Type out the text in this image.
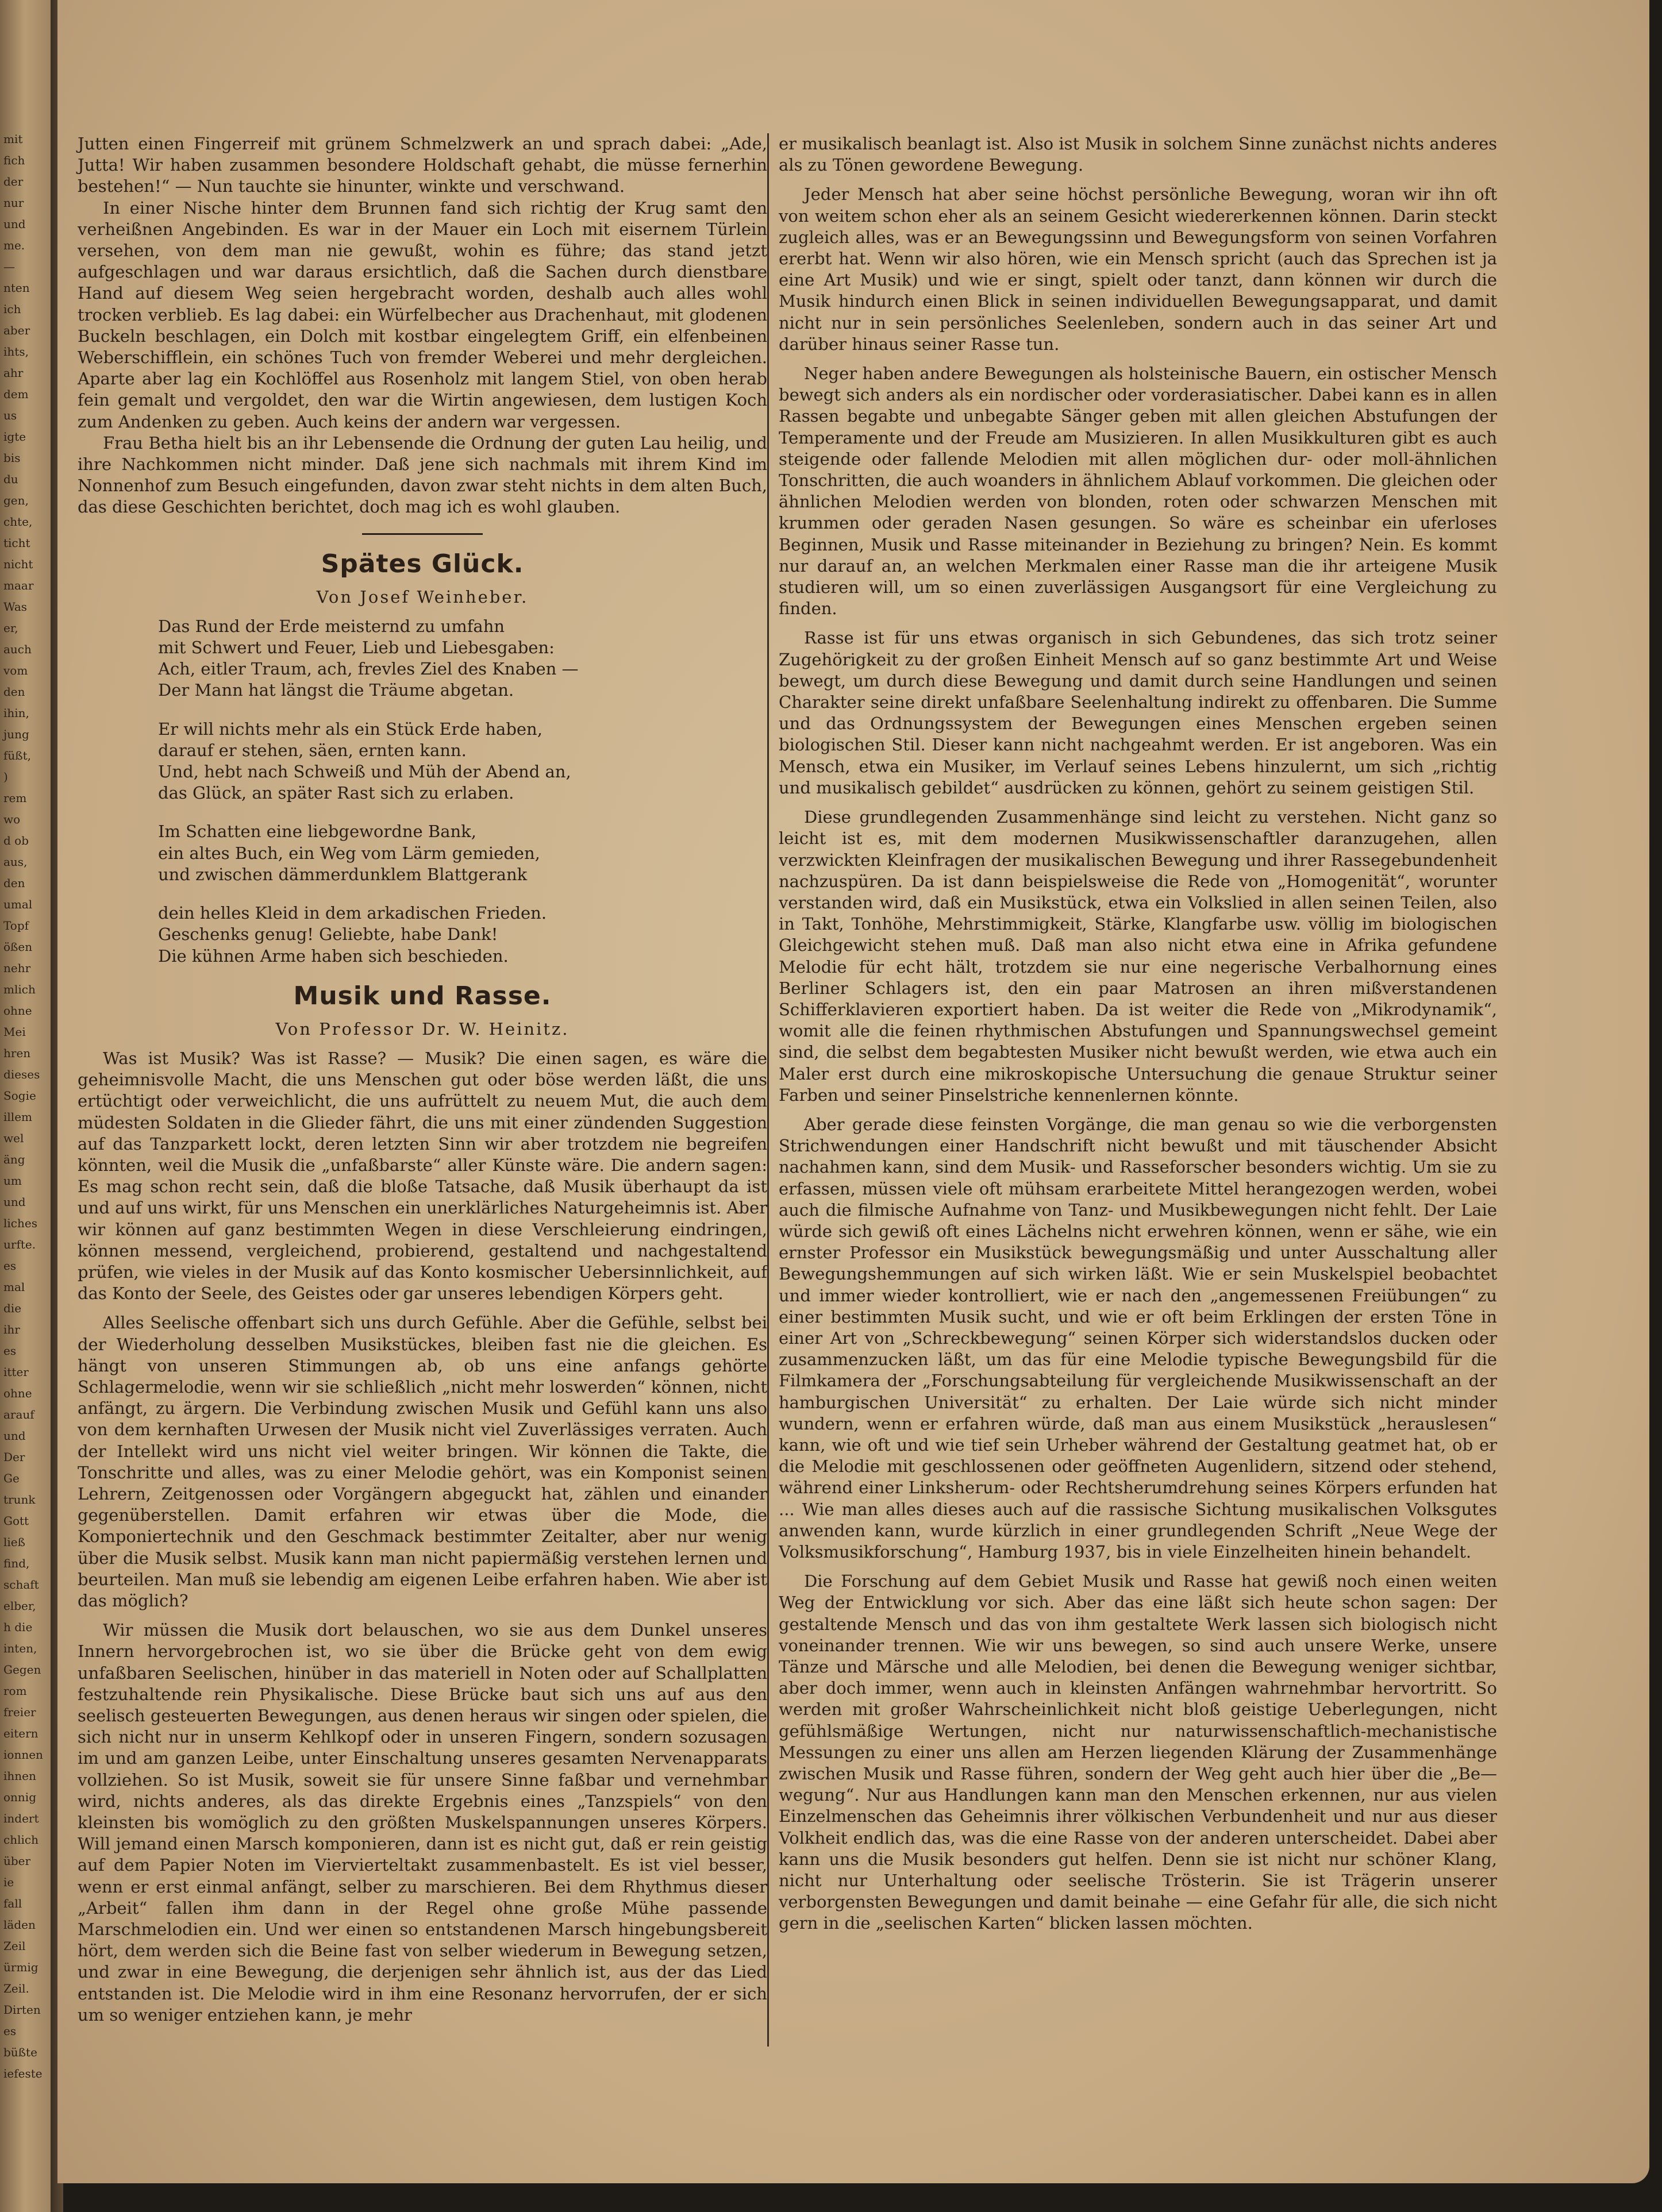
mit
fich
der
nur
und
me.
—
nten
ich
aber
ihts,
ahr
dem
us
igte
bis
du
gen,
chte,
ticht
nicht
maar
Was
er,
auch
vom
den
ihin,
jung
füßt,
)
rem
wo
d ob
aus,
den
umal
Topf
ößen
nehr
mlich
ohne
Mei
hren
dieses
Sogie
illem
wel
äng
um
und
liches
urfte.
es
mal
die
ihr
es
itter
ohne
arauf
und
Der
Ge
trunk
Gott
ließ
find,
schaft
elber,
h die
inten,
Gegen
rom
freier
eitern
ionnen
ihnen
onnig
indert
chlich
über
ie
fall
läden
Zeil
ürmig
Zeil.
Dirten
es
büßte
iefeste

Jutten einen Fingerreif mit grünem Schmelzwerk an und sprach dabei: „Ade, Jutta! Wir haben zusammen besondere Holdschaft gehabt, die müsse fernerhin bestehen!“ — Nun tauchte sie hinunter, winkte und verschwand.

In einer Nische hinter dem Brunnen fand sich richtig der Krug samt den verheißnen Angebinden. Es war in der Mauer ein Loch mit eisernem Türlein versehen, von dem man nie gewußt, wohin es führe; das stand jetzt aufgeschlagen und war daraus ersichtlich, daß die Sachen durch dienstbare Hand auf diesem Weg seien hergebracht worden, deshalb auch alles wohl trocken verblieb. Es lag dabei: ein Würfelbecher aus Drachenhaut, mit glodenen Buckeln beschlagen, ein Dolch mit kostbar eingelegtem Griff, ein elfenbeinen Weberschifflein, ein schönes Tuch von fremder Weberei und mehr dergleichen. Aparte aber lag ein Kochlöffel aus Rosenholz mit langem Stiel, von oben herab fein gemalt und vergoldet, den war die Wirtin angewiesen, dem lustigen Koch zum Andenken zu geben. Auch keins der andern war vergessen.

Frau Betha hielt bis an ihr Lebensende die Ordnung der guten Lau heilig, und ihre Nachkommen nicht minder. Daß jene sich nachmals mit ihrem Kind im Nonnenhof zum Besuch eingefunden, davon zwar steht nichts in dem alten Buch, das diese Geschichten berichtet, doch mag ich es wohl glauben.

Spätes Glück.
Von Josef Weinheber.
Das Rund der Erde meisternd zu umfahn
mit Schwert und Feuer, Lieb und Liebesgaben:
Ach, eitler Traum, ach, frevles Ziel des Knaben —
Der Mann hat längst die Träume abgetan.
Er will nichts mehr als ein Stück Erde haben,
darauf er stehen, säen, ernten kann.
Und, hebt nach Schweiß und Müh der Abend an,
das Glück, an später Rast sich zu erlaben.
Im Schatten eine liebgewordne Bank,
ein altes Buch, ein Weg vom Lärm gemieden,
und zwischen dämmerdunklem Blattgerank
dein helles Kleid in dem arkadischen Frieden.
Geschenks genug! Geliebte, habe Dank!
Die kühnen Arme haben sich beschieden.
Musik und Rasse.
Von Professor Dr. W. Heinitz.

Was ist Musik? Was ist Rasse? — Musik? Die einen sagen, es wäre die geheimnisvolle Macht, die uns Menschen gut oder böse werden läßt, die uns ertüchtigt oder verweichlicht, die uns aufrüttelt zu neuem Mut, die auch dem müdesten Soldaten in die Glieder fährt, die uns mit einer zündenden Suggestion auf das Tanzparkett lockt, deren letzten Sinn wir aber trotzdem nie begreifen könnten, weil die Musik die „unfaßbarste“ aller Künste wäre. Die andern sagen: Es mag schon recht sein, daß die bloße Tatsache, daß Musik überhaupt da ist und auf uns wirkt, für uns Menschen ein unerklärliches Naturgeheimnis ist. Aber wir können auf ganz bestimmten Wegen in diese Verschleierung eindringen, können messend, vergleichend, probierend, gestaltend und nachgestaltend prüfen, wie vieles in der Musik auf das Konto kosmischer Uebersinnlichkeit, auf das Konto der Seele, des Geistes oder gar unseres lebendigen Körpers geht.

Alles Seelische offenbart sich uns durch Gefühle. Aber die Gefühle, selbst bei der Wiederholung desselben Musikstückes, bleiben fast nie die gleichen. Es hängt von unseren Stimmungen ab, ob uns eine anfangs gehörte Schlagermelodie, wenn wir sie schließlich „nicht mehr loswerden“ können, nicht anfängt, zu ärgern. Die Verbindung zwischen Musik und Gefühl kann uns also von dem kernhaften Urwesen der Musik nicht viel Zuverlässiges verraten. Auch der Intellekt wird uns nicht viel weiter bringen. Wir können die Takte, die Tonschritte und alles, was zu einer Melodie gehört, was ein Komponist seinen Lehrern, Zeitgenossen oder Vorgängern abgeguckt hat, zählen und einander gegenüberstellen. Damit erfahren wir etwas über die Mode, die Komponiertechnik und den Geschmack bestimmter Zeitalter, aber nur wenig über die Musik selbst. Musik kann man nicht papiermäßig verstehen lernen und beurteilen. Man muß sie lebendig am eigenen Leibe erfahren haben. Wie aber ist das möglich?

Wir müssen die Musik dort belauschen, wo sie aus dem Dunkel unseres Innern hervorgebrochen ist, wo sie über die Brücke geht von dem ewig unfaßbaren Seelischen, hinüber in das materiell in Noten oder auf Schallplatten festzuhaltende rein Physikalische. Diese Brücke baut sich uns auf aus den seelisch gesteuerten Bewegungen, aus denen heraus wir singen oder spielen, die sich nicht nur in unserm Kehlkopf oder in unseren Fingern, sondern sozusagen im und am ganzen Leibe, unter Einschaltung unseres gesamten Nervenapparats vollziehen. So ist Musik, soweit sie für unsere Sinne faßbar und vernehmbar wird, nichts anderes, als das direkte Ergebnis eines „Tanzspiels“ von den kleinsten bis womöglich zu den größten Muskelspannungen unseres Körpers. Will jemand einen Marsch komponieren, dann ist es nicht gut, daß er rein geistig auf dem Papier Noten im Viervierteltakt zusammenbastelt. Es ist viel besser, wenn er erst einmal anfängt, selber zu marschieren. Bei dem Rhythmus dieser „Arbeit“ fallen ihm dann in der Regel ohne große Mühe passende Marschmelodien ein. Und wer einen so entstandenen Marsch hingebungsbereit hört, dem werden sich die Beine fast von selber wiederum in Bewegung setzen, und zwar in eine Bewegung, die derjenigen sehr ähnlich ist, aus der das Lied entstanden ist. Die Melodie wird in ihm eine Resonanz hervorrufen, der er sich um so weniger entziehen kann, je mehr

er musikalisch beanlagt ist. Also ist Musik in solchem Sinne zunächst nichts anderes als zu Tönen gewordene Bewegung.

Jeder Mensch hat aber seine höchst persönliche Bewegung, woran wir ihn oft von weitem schon eher als an seinem Gesicht wiedererkennen können. Darin steckt zugleich alles, was er an Bewegungssinn und Bewegungsform von seinen Vorfahren ererbt hat. Wenn wir also hören, wie ein Mensch spricht (auch das Sprechen ist ja eine Art Musik) und wie er singt, spielt oder tanzt, dann können wir durch die Musik hindurch einen Blick in seinen individuellen Bewegungsapparat, und damit nicht nur in sein persönliches Seelenleben, sondern auch in das seiner Art und darüber hinaus seiner Rasse tun.

Neger haben andere Bewegungen als holsteinische Bauern, ein ostischer Mensch bewegt sich anders als ein nordischer oder vorderasiatischer. Dabei kann es in allen Rassen begabte und unbegabte Sänger geben mit allen gleichen Abstufungen der Temperamente und der Freude am Musizieren. In allen Musikkulturen gibt es auch steigende oder fallende Melodien mit allen möglichen dur- oder moll-ähnlichen Tonschritten, die auch woanders in ähnlichem Ablauf vorkommen. Die gleichen oder ähnlichen Melodien werden von blonden, roten oder schwarzen Menschen mit krummen oder geraden Nasen gesungen. So wäre es scheinbar ein uferloses Beginnen, Musik und Rasse miteinander in Beziehung zu bringen? Nein. Es kommt nur darauf an, an welchen Merkmalen einer Rasse man die ihr arteigene Musik studieren will, um so einen zuverlässigen Ausgangsort für eine Vergleichung zu finden.

Rasse ist für uns etwas organisch in sich Gebundenes, das sich trotz seiner Zugehörigkeit zu der großen Einheit Mensch auf so ganz bestimmte Art und Weise bewegt, um durch diese Bewegung und damit durch seine Handlungen und seinen Charakter seine direkt unfaßbare Seelenhaltung indirekt zu offenbaren. Die Summe und das Ordnungssystem der Bewegungen eines Menschen ergeben seinen biologischen Stil. Dieser kann nicht nachgeahmt werden. Er ist angeboren. Was ein Mensch, etwa ein Musiker, im Verlauf seines Lebens hinzulernt, um sich „richtig und musikalisch gebildet“ ausdrücken zu können, gehört zu seinem geistigen Stil.

Diese grundlegenden Zusammenhänge sind leicht zu verstehen. Nicht ganz so leicht ist es, mit dem modernen Musikwissenschaftler daranzugehen, allen verzwickten Kleinfragen der musikalischen Bewegung und ihrer Rassegebundenheit nachzuspüren. Da ist dann beispielsweise die Rede von „Homogenität“, worunter verstanden wird, daß ein Musikstück, etwa ein Volkslied in allen seinen Teilen, also in Takt, Tonhöhe, Mehrstimmigkeit, Stärke, Klangfarbe usw. völlig im biologischen Gleichgewicht stehen muß. Daß man also nicht etwa eine in Afrika gefundene Melodie für echt hält, trotzdem sie nur eine negerische Verbalhornung eines Berliner Schlagers ist, den ein paar Matrosen an ihren mißverstandenen Schifferklavieren exportiert haben. Da ist weiter die Rede von „Mikrodynamik“, womit alle die feinen rhythmischen Abstufungen und Spannungswechsel gemeint sind, die selbst dem begabtesten Musiker nicht bewußt werden, wie etwa auch ein Maler erst durch eine mikroskopische Untersuchung die genaue Struktur seiner Farben und seiner Pinselstriche kennenlernen könnte.

Aber gerade diese feinsten Vorgänge, die man genau so wie die verborgensten Strichwendungen einer Handschrift nicht bewußt und mit täuschender Absicht nachahmen kann, sind dem Musik- und Rasseforscher besonders wichtig. Um sie zu erfassen, müssen viele oft mühsam erarbeitete Mittel herangezogen werden, wobei auch die filmische Aufnahme von Tanz- und Musikbewegungen nicht fehlt. Der Laie würde sich gewiß oft eines Lächelns nicht erwehren können, wenn er sähe, wie ein ernster Professor ein Musikstück bewegungsmäßig und unter Ausschaltung aller Bewegungshemmungen auf sich wirken läßt. Wie er sein Muskelspiel beobachtet und immer wieder kontrolliert, wie er nach den „angemessenen Freiübungen“ zu einer bestimmten Musik sucht, und wie er oft beim Erklingen der ersten Töne in einer Art von „Schreckbewegung“ seinen Körper sich widerstandslos ducken oder zusammenzucken läßt, um das für eine Melodie typische Bewegungsbild für die Filmkamera der „Forschungsabteilung für vergleichende Musikwissenschaft an der hamburgischen Universität“ zu erhalten. Der Laie würde sich nicht minder wundern, wenn er erfahren würde, daß man aus einem Musikstück „herauslesen“ kann, wie oft und wie tief sein Urheber während der Gestaltung geatmet hat, ob er die Melodie mit geschlossenen oder geöffneten Augenlidern, sitzend oder stehend, während einer Linksherum- oder Rechtsherumdrehung seines Körpers erfunden hat ... Wie man alles dieses auch auf die rassische Sichtung musikalischen Volksgutes anwenden kann, wurde kürzlich in einer grundlegenden Schrift „Neue Wege der Volksmusikforschung“, Hamburg 1937, bis in viele Einzelheiten hinein behandelt.

Die Forschung auf dem Gebiet Musik und Rasse hat gewiß noch einen weiten Weg der Entwicklung vor sich. Aber das eine läßt sich heute schon sagen: Der gestaltende Mensch und das von ihm gestaltete Werk lassen sich biologisch nicht voneinander trennen. Wie wir uns bewegen, so sind auch unsere Werke, unsere Tänze und Märsche und alle Melodien, bei denen die Bewegung weniger sichtbar, aber doch immer, wenn auch in kleinsten Anfängen wahrnehmbar hervortritt. So werden mit großer Wahrscheinlichkeit nicht bloß geistige Ueberlegungen, nicht gefühlsmäßige Wertungen, nicht nur naturwissenschaftlich-mechanistische Messungen zu einer uns allen am Herzen liegenden Klärung der Zusammenhänge zwischen Musik und Rasse führen, sondern der Weg geht auch hier über die „Be—wegung“. Nur aus Handlungen kann man den Menschen erkennen, nur aus vielen Einzelmenschen das Geheimnis ihrer völkischen Verbundenheit und nur aus dieser Volkheit endlich das, was die eine Rasse von der anderen unterscheidet. Dabei aber kann uns die Musik besonders gut helfen. Denn sie ist nicht nur schöner Klang, nicht nur Unterhaltung oder seelische Trösterin. Sie ist Trägerin unserer verborgensten Bewegungen und damit beinahe — eine Gefahr für alle, die sich nicht gern in die „seelischen Karten“ blicken lassen möchten.
